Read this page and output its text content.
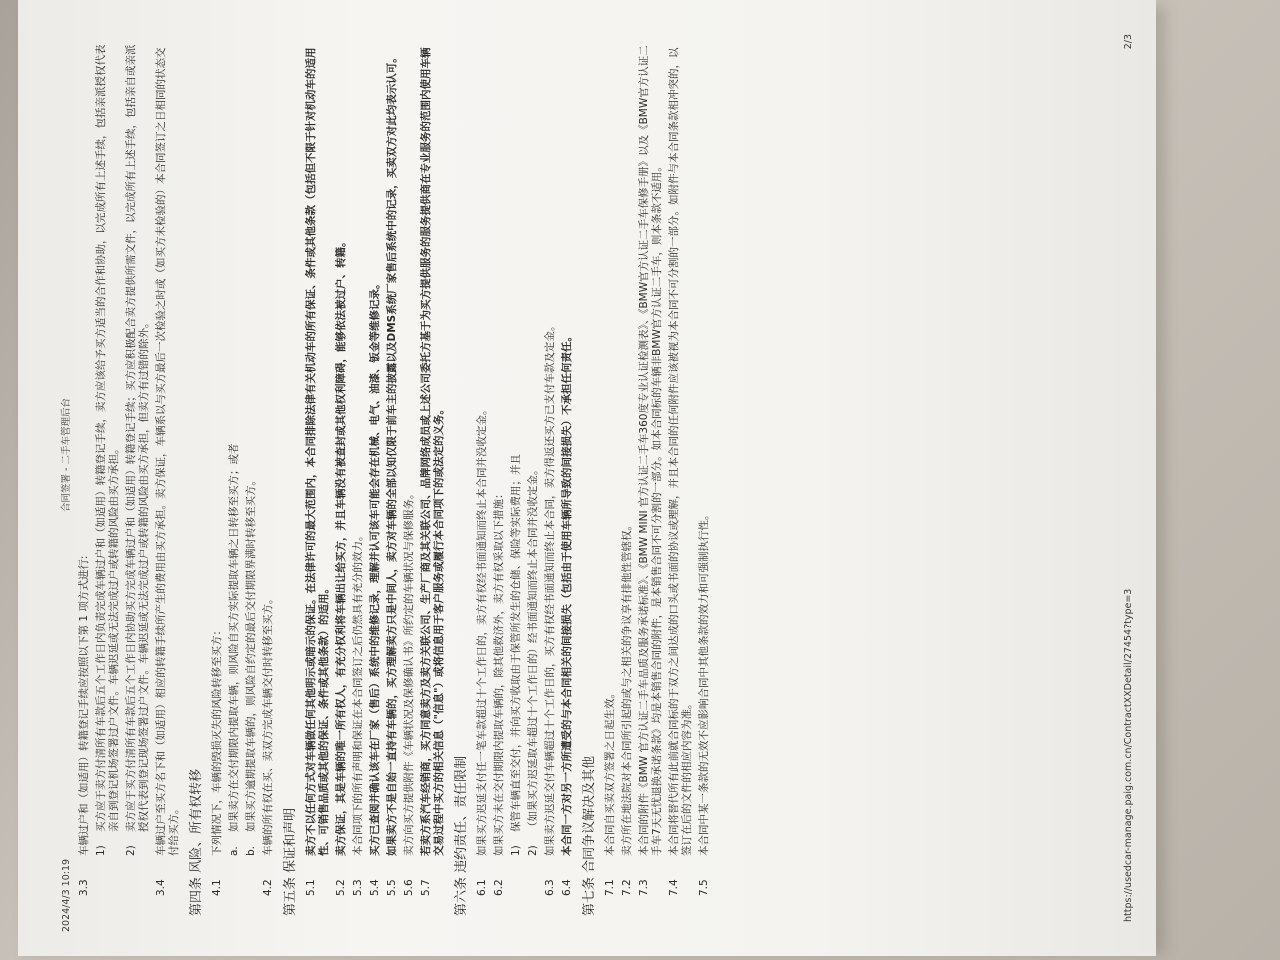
2024/4/3 10:19
合同签署 - 二手车管理后台
3.3
车辆过户和（如适用）转籍登记手续应按照以下第 1 项方式进行: 1)
买方应于卖方付清所有车款后五个工作日内负责完成车辆过户和（如适用）转籍登记手续，卖方应该给予买方适当的合作和协助，以完成所有上述手续，包括亲派授权代表亲自到登记机场签署过户文件。车辆迟延或无法完成过户或转籍的风险由买方承担。
2)
卖方应于买方付清所有车款后五个工作日内协助买方完成车辆过户和（如适用）转籍登记手续；买方应积极配合卖方提供所需文件，以完成所有上述手续，包括亲自或亲派授权代表到登记现场签署过户文件。车辆迟延或无法完成过户或转籍的风险由买方承担，但卖方有过错的除外。
3.4
车辆过户至买方名下和（如适用）相应的转籍手续所产生的费用由买方承担。卖方保证，车辆系以与买方最后一次检验之时或（如买方未检验的）本合同签订之日相同的状态交付给买方。 第四条 风险、所有权转移 4.1
下列情况下，车辆的毁损灭失的风险转移至买方： a.
如果卖方在交付期限内提取车辆，则风险自买方实际提取车辆之日转移至买方；或者
b.
如果买方逾期提取车辆的，则风险自约定的最后交付期限界满时转移至买方。
4.2
车辆的所有权在买、卖双方完成车辆交付时转移至买方。
第五条 保证和声明 5.1
卖方不以任何方式对车辆做任何其他明示或暗示的保证。在法律许可的最大范围内，本合同排除法律有关机动车的所有保证、条件或其他条款（包括但不限于针对机动车的适用性、可销售品质或其他的保证、条件或其他条款）的适用。
5.2
卖方保证，其是车辆的唯一所有权人，有充分权利将车辆出让给买方，并且车辆没有被查封或其他权利障碍，能够依法被过户、转籍。
5.3
本合同项下的所有声明和保证在本合同签订之后仍然具有充分的效力。
5.4
买方已查阅并确认该车在厂家（售后）系统中的维修记录，理解并认可该车可能会存在机械、电气、油漆、钣金等维修记录。
5.5
如果卖方不是自始一直持有车辆的，买方理解卖方只是中间人，卖方对车辆的全部以知仅限于前车主的披露以及DMS系统厂家售后系统中的记录，买卖双方对此均表示认可。
5.6
卖方向买方提供附件《车辆状况及保修确认书》所约定的车辆状况与保修服务。
5.7
若卖方系汽车经销商，买方同意卖方及卖方关联公司、生产厂商及其关联公司、品牌网络成员或上述公司委托方基于为买方提供服务的服务提供商在专业服务的范围内使用车辆交易过程中买方的相关信息（"信息"）或将信息用于客户服务或履行本合同项下的或法定的义务。 第六条 违约责任、责任限制 6.1
如果买方迟延支付任一笔车款超过十个工作日的，卖方有权经书面通知而终止本合同并没收定金。
6.2
如果买方未在交付期限内提取车辆的，除其他救济外，卖方有权采取以下措施： 1)
保管车辆直至交付，并向买方收取由于保管所发生的仓储、保险等实际费用；并且
2)
（如果买方迟延取车超过十个工作日的）经书面通知而终止本合同并没收定金。
6.3
如果卖方迟延交付车辆超过十个工作日的，买方有权经书面通知而终止本合同，卖方得返还买方已支付车款及定金。
6.4
本合同一方对另一方所遭受的与本合同相关的间接损失（包括由于使用车辆所导致的间接损失）不承担任何责任。 第七条 合同争议解决及其他 7.1
本合同自买卖双方签署之日起生效。
7.2
卖方所在地法院对本合同所引起的或与之相关的争议享有排他性管辖权。
7.3
本合同的附件《BMW 官方认证二手车品质及服务承诺标准》、《BMW MINI 官方认证二手车360度专业认证检测表》、《BMW官方认证二手车保修手册》以及《BMW官方认证二手车7天无忧退换承诺条款》均是本销售合同的附件，是本销售合同不可分割的一部分。如本合同标的车辆非BMW官方认证二手车，则本条款不适用。
7.4
本合同将替代所有此前就合同标的于双方之间达成的口头或书面的协议或理解，并且本合同的任何附件应该被视为本合同不可分割的一部分。如附件与本合同条款相冲突的，以签订在后的文件的相应内容为准。
7.5
本合同中某一条款的无效不应影响合同中其他条款的效力和可强制执行性。	https://usedcar-manage.paig.com.cn/ContractXXDetail/27454?type=3
2/3
